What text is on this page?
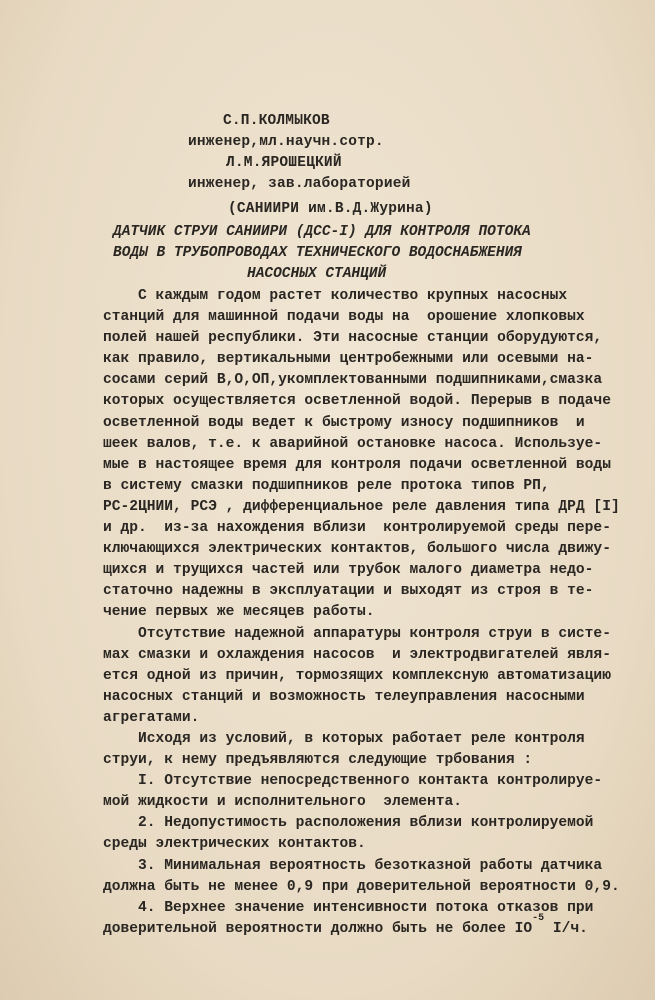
С.П.КОЛМЫКОВ
инженер,мл.научн.сотр.
Л.М.ЯРОШЕЦКИЙ
инженер, зав.лабораторией
(САНИИРИ им.В.Д.Журина)
ДАТЧИК СТРУИ САНИИРИ (ДСС-I) ДЛЯ КОНТРОЛЯ ПОТОКА
ВОДЫ В ТРУБОПРОВОДАХ ТЕХНИЧЕСКОГО ВОДОСНАБЖЕНИЯ
НАСОСНЫХ СТАНЦИЙ
С каждым годом растет количество крупных насосных
станций для машинной подачи воды на  орошение хлопковых
полей нашей республики. Эти насосные станции оборудуются,
как правило, вертикальными центробежными или осевыми на-
сосами серий В,О,ОП,укомплектованными подшипниками,смазка
которых осуществляется осветленной водой. Перерыв в подаче
осветленной воды ведет к быстрому износу подшипников  и
шеек валов, т.е. к аварийной остановке насоса. Используе-
мые в настоящее время для контроля подачи осветленной воды
в систему смазки подшипников реле протока типов РП,
РС-2ЦНИИ, РСЭ , дифференциальное реле давления типа ДРД [I]
и др.  из-за нахождения вблизи  контролируемой среды пере-
ключающихся электрических контактов, большого числа движу-
щихся и трущихся частей или трубок малого диаметра недо-
статочно надежны в эксплуатации и выходят из строя в те-
чение первых же месяцев работы.
Отсутствие надежной аппаратуры контроля струи в систе-
мах смазки и охлаждения насосов  и электродвигателей явля-
ется одной из причин, тормозящих комплексную автоматизацию
насосных станций и возможность телеуправления насосными
агрегатами.
Исходя из условий, в которых работает реле контроля
струи, к нему предъявляются следующие трбования :
I. Отсутствие непосредственного контакта контролируе-
мой жидкости и исполнительного  элемента.
2. Недопустимость расположения вблизи контролируемой
среды электрических контактов.
3. Минимальная вероятность безотказной работы датчика
должна быть не менее 0,9 при доверительной вероятности 0,9.
4. Верхнее значение интенсивности потока отказов при
доверительной вероятности должно быть не более $IO^{-5}$ I/ч.
